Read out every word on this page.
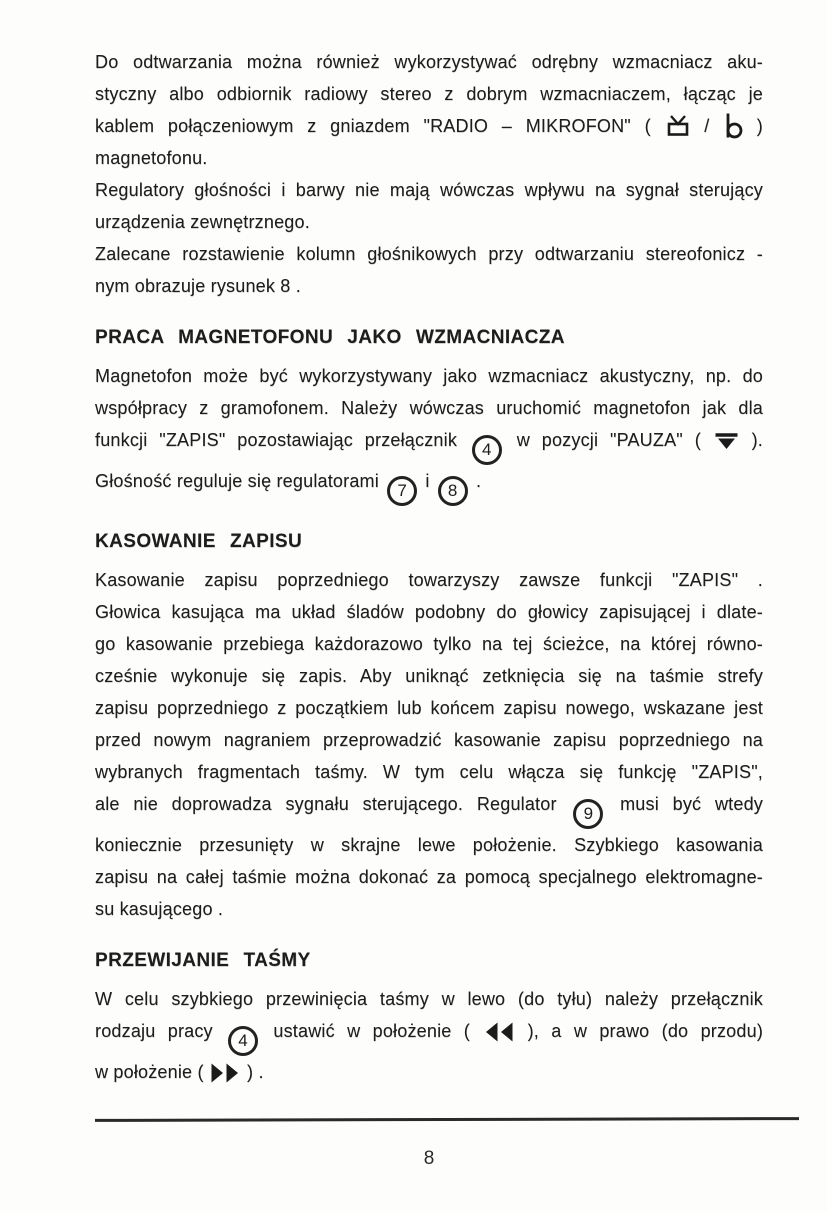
Do odtwarzania można również wykorzystywać odrębny wzmacniacz aku-
styczny albo odbiornik radiowy stereo z dobrym wzmacniaczem, łącząc je
kablem połączeniowym z gniazdem "RADIO – MIKROFON" (  /  )
magnetofonu.
Regulatory głośności i barwy nie mają wówczas wpływu na sygnał sterujący
urządzenia zewnętrznego.
Zalecane rozstawienie kolumn głośnikowych przy odtwarzaniu stereofonicz -
nym obrazuje rysunek 8 .
PRACA MAGNETOFONU JAKO WZMACNIACZA
Magnetofon może być wykorzystywany jako wzmacniacz akustyczny, np. do
współpracy z gramofonem. Należy wówczas uruchomić magnetofon jak dla
funkcji "ZAPIS" pozostawiając przełącznik 4 w pozycji "PAUZA" (  ).
Głośność reguluje się regulatorami 7 i 8 .
KASOWANIE ZAPISU
Kasowanie zapisu poprzedniego towarzyszy zawsze funkcji "ZAPIS" .
Głowica kasująca ma układ śladów podobny do głowicy zapisującej i dlate-
go kasowanie przebiega każdorazowo tylko na tej ścieżce, na której równo-
cześnie wykonuje się zapis. Aby uniknąć zetknięcia się na taśmie strefy
zapisu poprzedniego z początkiem lub końcem zapisu nowego, wskazane jest
przed nowym nagraniem przeprowadzić kasowanie zapisu poprzedniego na
wybranych fragmentach taśmy. W tym celu włącza się funkcję "ZAPIS",
ale nie doprowadza sygnału sterującego. Regulator 9 musi być wtedy
koniecznie przesunięty w skrajne lewe położenie. Szybkiego kasowania
zapisu na całej taśmie można dokonać za pomocą specjalnego elektromagne-
su kasującego .
PRZEWIJANIE TAŚMY
W celu szybkiego przewinięcia taśmy w lewo (do tyłu) należy przełącznik
rodzaju pracy 4 ustawić w położenie (  ), a w prawo (do przodu)
w położenie (  ) .
8
